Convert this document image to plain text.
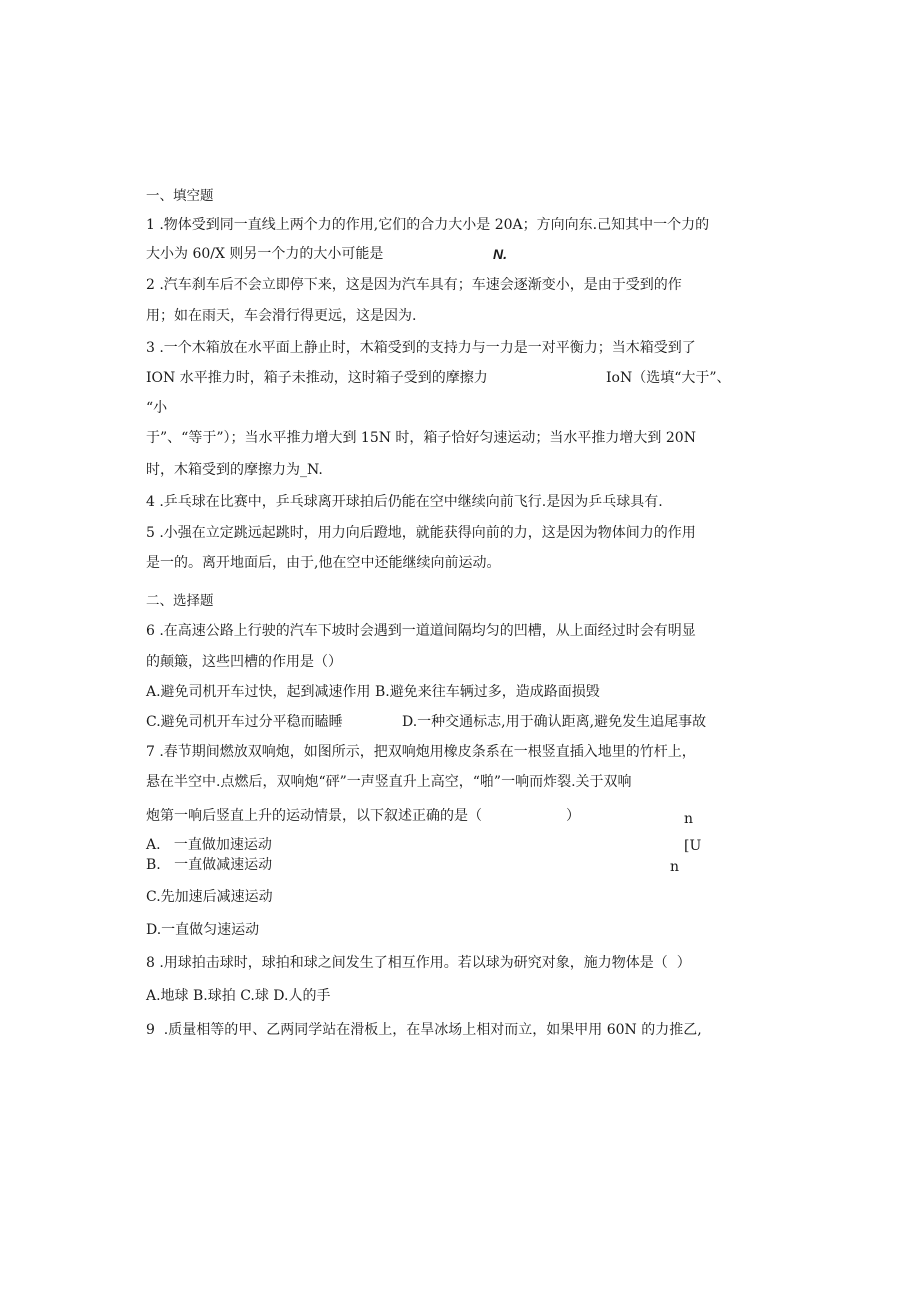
一、填空题
1 .物体受到同一直线上两个力的作用,它们的合力大小是 20A；方向向东.己知其中一个力的
大小为 60/X 则另一个力的大小可能是	N.
2 .汽车刹车后不会立即停下来，这是因为汽车具有；车速会逐渐变小，是由于受到的作
用；如在雨天，车会滑行得更远，这是因为.
3 .一个木箱放在水平面上静止时，木箱受到的支持力与一力是一对平衡力；当木箱受到了
ION 水平推力时，箱子未推动，这时箱子受到的摩擦力	IoN（选填“大于”、
“小
于”、“等于”）；当水平推力增大到 15N 时，箱子恰好匀速运动；当水平推力增大到 20N
时，木箱受到的摩擦力为_N.
4 .乒乓球在比赛中，乒乓球离开球拍后仍能在空中继续向前飞行.是因为乒乓球具有.
5 .小强在立定跳远起跳时，用力向后蹬地，就能获得向前的力，这是因为物体间力的作用
是一的。离开地面后，由于,他在空中还能继续向前运动。
二、选择题
6 .在高速公路上行驶的汽车下坡时会遇到一道道间隔均匀的凹槽，从上面经过时会有明显
的颠簸，这些凹槽的作用是（）
A.避免司机开车过快，起到减速作用 B.避免来往车辆过多，造成路面损毁
C.避免司机开车过分平稳而瞌睡	D.一种交通标志,用于确认距离,避免发生追尾事故
7 .春节期间燃放双响炮，如图所示，把双响炮用橡皮条系在一根竖直插入地里的竹杆上，
悬在半空中.点燃后，双响炮“砰”一声竖直升上高空，“啪”一响而炸裂.关于双响
炮第一响后竖直上升的运动情景，以下叙述正确的是（	）	n
A.   一直做加速运动	[U
B.   一直做减速运动	n
C.先加速后减速运动
D.一直做匀速运动
8 .用球拍击球时，球拍和球之间发生了相互作用。若以球为研究对象，施力物体是（  ）
A.地球 B.球拍 C.球 D.人的手
9  .质量相等的甲、乙两同学站在滑板上，在旱冰场上相对而立，如果甲用 60N 的力推乙,
